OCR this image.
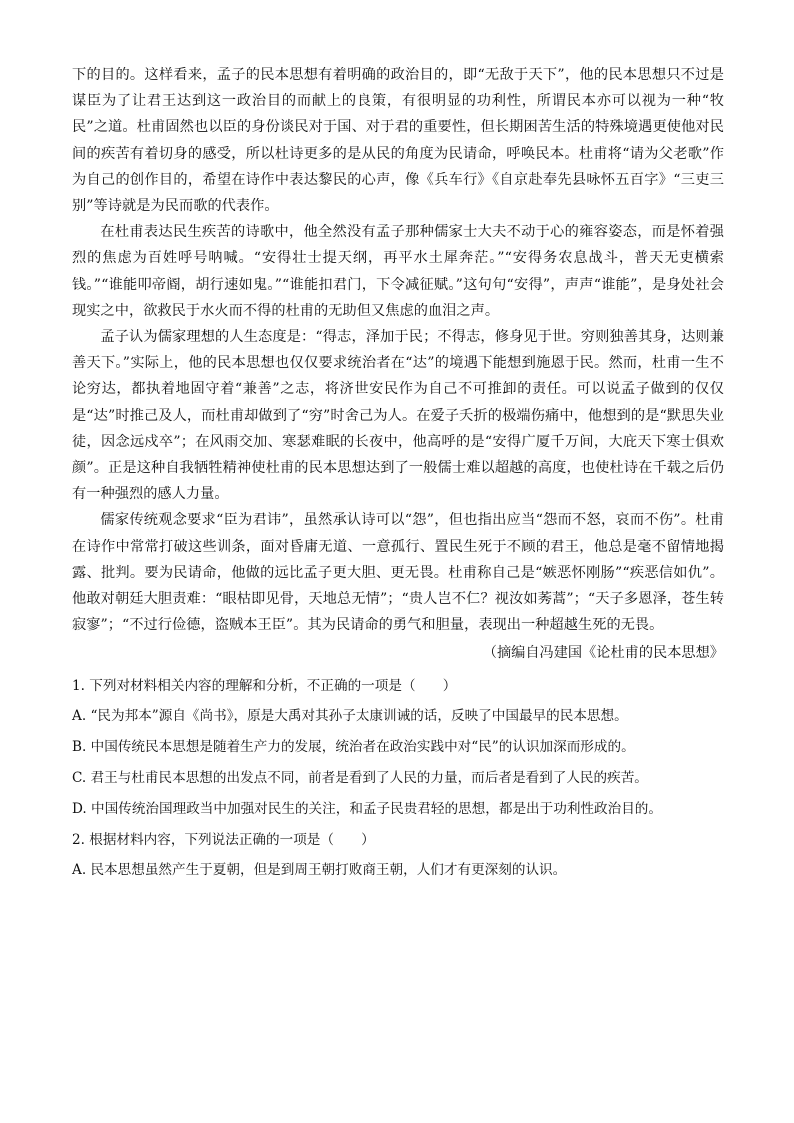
下的目的。这样看来，孟子的民本思想有着明确的政治目的，即“无敌于天下”，他的民本思想只不过是谋臣为了让君王达到这一政治目的而献上的良策，有很明显的功利性，所谓民本亦可以视为一种“牧民”之道。杜甫固然也以臣的身份谈民对于国、对于君的重要性，但长期困苦生活的特殊境遇更使他对民间的疾苦有着切身的感受，所以杜诗更多的是从民的角度为民请命，呼唤民本。杜甫将“请为父老歌”作为自己的创作目的，希望在诗作中表达黎民的心声，像《兵车行》《自京赴奉先县咏怀五百字》“三吏三别”等诗就是为民而歌的代表作。

在杜甫表达民生疾苦的诗歌中，他全然没有孟子那种儒家士大夫不动于心的雍容姿态，而是怀着强烈的焦虑为百姓呼号呐喊。“安得壮士提天纲，再平水土犀奔茫。”“安得务农息战斗，普天无吏横索钱。”“谁能叩帝阍，胡行速如鬼。”“谁能扣君门，下令减征赋。”这句句“安得”，声声“谁能”，是身处社会现实之中，欲救民于水火而不得的杜甫的无助但又焦虑的血泪之声。

孟子认为儒家理想的人生态度是：“得志，泽加于民；不得志，修身见于世。穷则独善其身，达则兼善天下。”实际上，他的民本思想也仅仅要求统治者在“达”的境遇下能想到施恩于民。然而，杜甫一生不论穷达，都执着地固守着“兼善”之志，将济世安民作为自己不可推卸的责任。可以说孟子做到的仅仅是“达”时推己及人，而杜甫却做到了“穷”时舍己为人。在爱子夭折的极端伤痛中，他想到的是“默思失业徒，因念远戍卒”；在风雨交加、寒瑟难眠的长夜中，他高呼的是“安得广厦千万间，大庇天下寒士俱欢颜”。正是这种自我牺牲精神使杜甫的民本思想达到了一般儒士难以超越的高度，也使杜诗在千载之后仍有一种强烈的感人力量。

儒家传统观念要求“臣为君讳”，虽然承认诗可以“怨”，但也指出应当“怨而不怒，哀而不伤”。杜甫在诗作中常常打破这些训条，面对昏庸无道、一意孤行、置民生死于不顾的君王，他总是毫不留情地揭露、批判。要为民请命，他做的远比孟子更大胆、更无畏。杜甫称自己是“嫉恶怀刚肠”“疾恶信如仇”。他敢对朝廷大胆责难：“眼枯即见骨，天地总无情”；“贵人岂不仁？视汝如莠蒿”；“天子多恩泽，苍生转寂寥”；“不过行俭德，盗贼本王臣”。其为民请命的勇气和胆量，表现出一种超越生死的无畏。

（摘编自冯建国《论杜甫的民本思想》

1. 下列对材料相关内容的理解和分析，不正确的一项是（　　）

A. “民为邦本”源自《尚书》，原是大禹对其孙子太康训诫的话，反映了中国最早的民本思想。

B. 中国传统民本思想是随着生产力的发展，统治者在政治实践中对“民”的认识加深而形成的。

C. 君王与杜甫民本思想的出发点不同，前者是看到了人民的力量，而后者是看到了人民的疾苦。

D. 中国传统治国理政当中加强对民生的关注，和孟子民贵君轻的思想，都是出于功利性政治目的。

2. 根据材料内容，下列说法正确的一项是（　　）

A. 民本思想虽然产生于夏朝，但是到周王朝打败商王朝，人们才有更深刻的认识。
